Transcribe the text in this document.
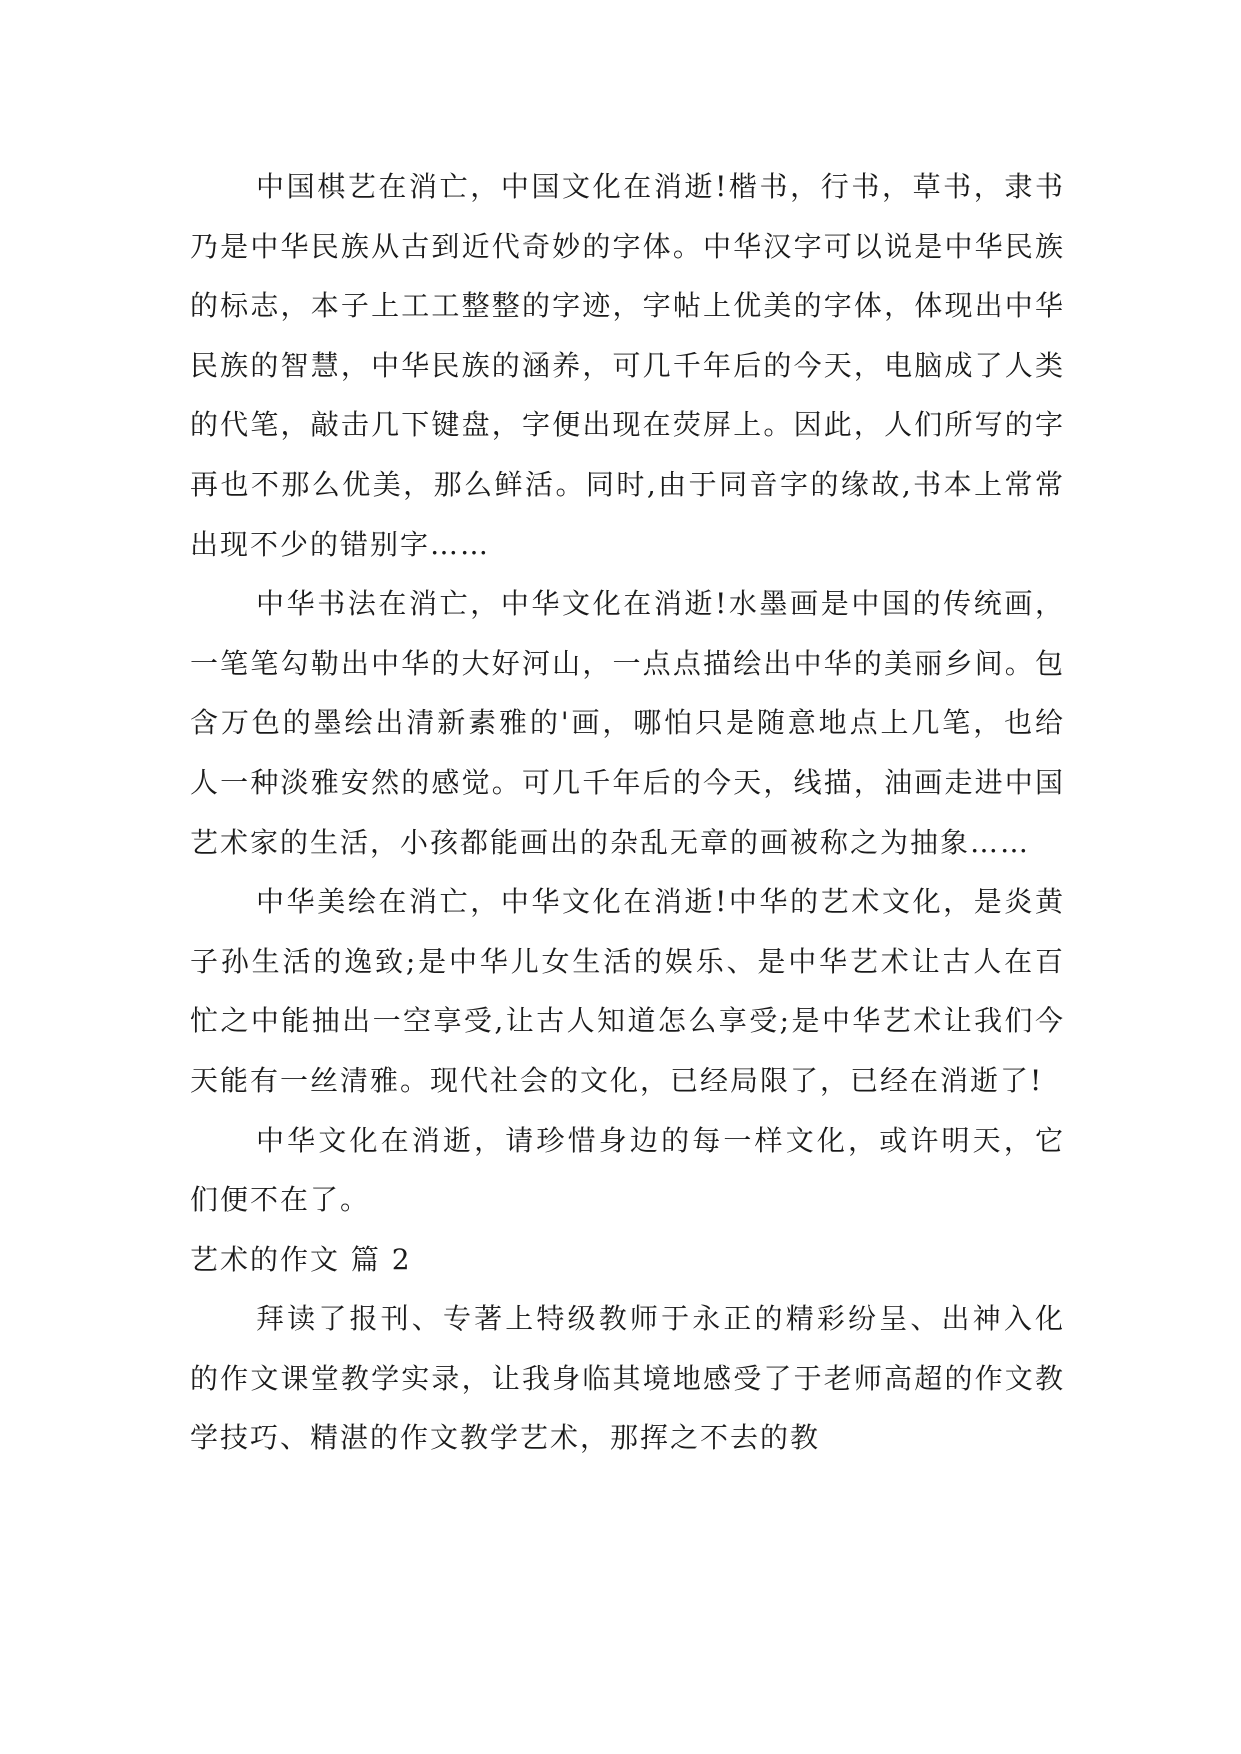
中国棋艺在消亡，中国文化在消逝!楷书，行书，草书，隶书乃是中华民族从古到近代奇妙的字体。中华汉字可以说是中华民族的标志，本子上工工整整的字迹，字帖上优美的字体，体现出中华民族的智慧，中华民族的涵养，可几千年后的今天，电脑成了人类的代笔，敲击几下键盘，字便出现在荧屏上。因此，人们所写的字再也不那么优美，那么鲜活。同时,由于同音字的缘故,书本上常常出现不少的错别字……

中华书法在消亡，中华文化在消逝!水墨画是中国的传统画，一笔笔勾勒出中华的大好河山，一点点描绘出中华的美丽乡间。包含万色的墨绘出清新素雅的'画，哪怕只是随意地点上几笔，也给人一种淡雅安然的感觉。可几千年后的今天，线描，油画走进中国艺术家的生活，小孩都能画出的杂乱无章的画被称之为抽象……

中华美绘在消亡，中华文化在消逝!中华的艺术文化，是炎黄子孙生活的逸致;是中华儿女生活的娱乐、是中华艺术让古人在百忙之中能抽出一空享受,让古人知道怎么享受;是中华艺术让我们今天能有一丝清雅。现代社会的文化，已经局限了，已经在消逝了!

中华文化在消逝，请珍惜身边的每一样文化，或许明天，它们便不在了。

艺术的作文 篇 2

拜读了报刊、专著上特级教师于永正的精彩纷呈、出神入化的作文课堂教学实录，让我身临其境地感受了于老师高超的作文教学技巧、精湛的作文教学艺术，那挥之不去的教
